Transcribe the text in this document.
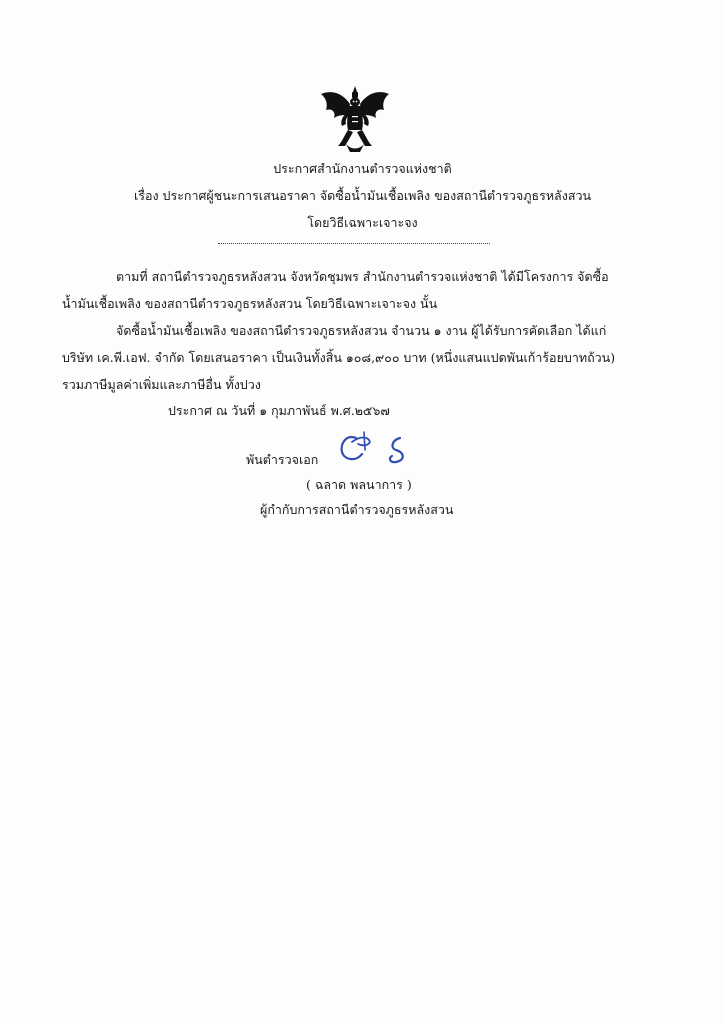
ประกาศสำนักงานตำรวจแห่งชาติ
เรื่อง ประกาศผู้ชนะการเสนอราคา จัดซื้อน้ำมันเชื้อเพลิง ของสถานีตำรวจภูธรหลังสวน
โดยวิธีเฉพาะเจาะจง
ตามที่ สถานีตำรวจภูธรหลังสวน จังหวัดชุมพร สำนักงานตำรวจแห่งชาติ ได้มีโครงการ จัดซื้อ
น้ำมันเชื้อเพลิง ของสถานีตำรวจภูธรหลังสวน โดยวิธีเฉพาะเจาะจง นั้น
จัดซื้อน้ำมันเชื้อเพลิง ของสถานีตำรวจภูธรหลังสวน จำนวน ๑ งาน ผู้ได้รับการคัดเลือก ได้แก่
บริษัท เค.พี.เอฟ. จำกัด โดยเสนอราคา เป็นเงินทั้งสิ้น ๑๐๘,๙๐๐ บาท (หนึ่งแสนแปดพันเก้าร้อยบาทถ้วน)
รวมภาษีมูลค่าเพิ่มและภาษีอื่น ทั้งปวง
ประกาศ ณ วันที่ ๑ กุมภาพันธ์ พ.ศ.๒๕๖๗
พันตำรวจเอก
( ฉลาด พลนาการ )
ผู้กำกับการสถานีตำรวจภูธรหลังสวน
